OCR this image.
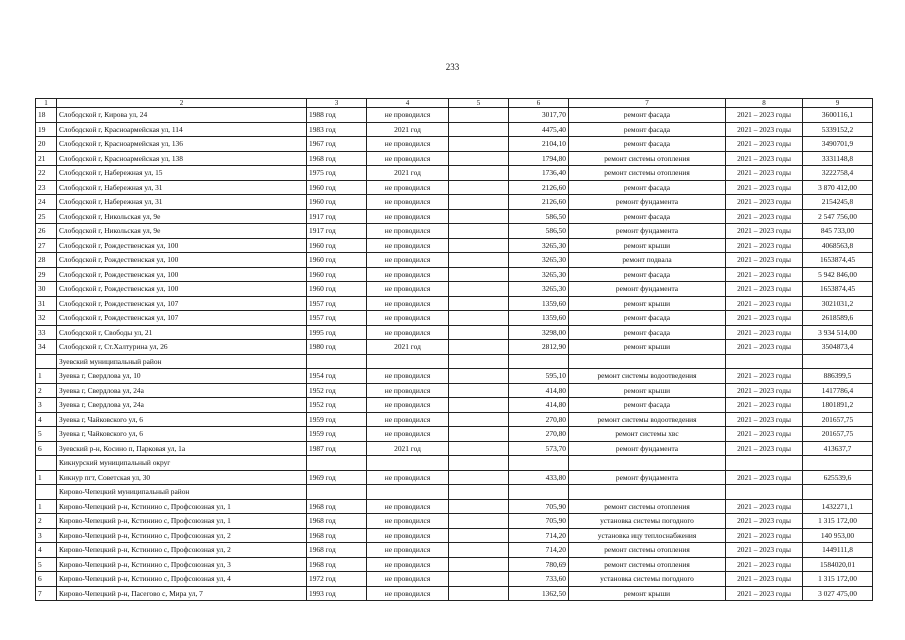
233
1	2	3	4	5	6	7	8	9
18	Слободской г, Кирова ул, 24	1988 год	не проводился		3017,70	ремонт фасада	2021 – 2023 годы	3600116,1
19	Слободской г, Красноармейская ул, 114	1983 год	2021 год		4475,40	ремонт фасада	2021 – 2023 годы	5339152,2
20	Слободской г, Красноармейская ул, 136	1967 год	не проводился		2104,10	ремонт фасада	2021 – 2023 годы	3490701,9
21	Слободской г, Красноармейская ул, 138	1968 год	не проводился		1794,80	ремонт системы отопления	2021 – 2023 годы	3331148,8
22	Слободской г, Набережная ул, 15	1975 год	2021 год		1736,40	ремонт системы отопления	2021 – 2023 годы	3222758,4
23	Слободской г, Набережная ул, 31	1960 год	не проводился		2126,60	ремонт фасада	2021 – 2023 годы	3 870 412,00
24	Слободской г, Набережная ул, 31	1960 год	не проводился		2126,60	ремонт фундамента	2021 – 2023 годы	2154245,8
25	Слободской г, Никольская ул, 9е	1917 год	не проводился		586,50	ремонт фасада	2021 – 2023 годы	2 547 756,00
26	Слободской г, Никольская ул, 9е	1917 год	не проводился		586,50	ремонт фундамента	2021 – 2023 годы	845 733,00
27	Слободской г, Рождественская ул, 100	1960 год	не проводился		3265,30	ремонт крыши	2021 – 2023 годы	4068563,8
28	Слободской г, Рождественская ул, 100	1960 год	не проводился		3265,30	ремонт подвала	2021 – 2023 годы	1653874,45
29	Слободской г, Рождественская ул, 100	1960 год	не проводился		3265,30	ремонт фасада	2021 – 2023 годы	5 942 846,00
30	Слободской г, Рождественская ул, 100	1960 год	не проводился		3265,30	ремонт фундамента	2021 – 2023 годы	1653874,45
31	Слободской г, Рождественская ул, 107	1957 год	не проводился		1359,60	ремонт крыши	2021 – 2023 годы	3021031,2
32	Слободской г, Рождественская ул, 107	1957 год	не проводился		1359,60	ремонт фасада	2021 – 2023 годы	2618589,6
33	Слободской г, Свободы ул, 21	1995 год	не проводился		3298,00	ремонт фасада	2021 – 2023 годы	3 934 514,00
34	Слободской г, Ст.Халтурина ул, 26	1980 год	2021 год		2812,90	ремонт крыши	2021 – 2023 годы	3504873,4
	Зуевский муниципальный район							
1	Зуевка г, Свердлова ул, 10	1954 год	не проводился		595,10	ремонт системы водоотведения	2021 – 2023 годы	886399,5
2	Зуевка г, Свердлова ул, 24а	1952 год	не проводился		414,80	ремонт крыши	2021 – 2023 годы	1417786,4
3	Зуевка г, Свердлова ул, 24а	1952 год	не проводился		414,80	ремонт фасада	2021 – 2023 годы	1801891,2
4	Зуевка г, Чайковского ул, 6	1959 год	не проводился		270,80	ремонт системы водоотведения	2021 – 2023 годы	201657,75
5	Зуевка г, Чайковского ул, 6	1959 год	не проводился		270,80	ремонт системы хвс	2021 – 2023 годы	201657,75
6	Зуевский р-н, Косино п, Парковая ул, 1а	1987 год	2021 год		573,70	ремонт фундамента	2021 – 2023 годы	413637,7
	Кикнурский муниципальный округ							
1	Кикнур пгт, Советская ул, 30	1969 год	не проводился		433,80	ремонт фундамента	2021 – 2023 годы	625539,6
	Кирово-Чепецкий муниципальный район							
1	Кирово-Чепецкий р-н, Кстинино с, Профсоюзная ул, 1	1968 год	не проводился		705,90	ремонт системы отопления	2021 – 2023 годы	1432271,1
2	Кирово-Чепецкий р-н, Кстинино с, Профсоюзная ул, 1	1968 год	не проводился		705,90	установка системы погодного	2021 – 2023 годы	1 315 172,00
3	Кирово-Чепецкий р-н, Кстинино с, Профсоюзная ул, 2	1968 год	не проводился		714,20	установка ицу теплоснабжения	2021 – 2023 годы	140 953,00
4	Кирово-Чепецкий р-н, Кстинино с, Профсоюзная ул, 2	1968 год	не проводился		714,20	ремонт системы отопления	2021 – 2023 годы	1449111,8
5	Кирово-Чепецкий р-н, Кстинино с, Профсоюзная ул, 3	1968 год	не проводился		780,69	ремонт системы отопления	2021 – 2023 годы	1584020,01
6	Кирово-Чепецкий р-н, Кстинино с, Профсоюзная ул, 4	1972 год	не проводился		733,60	установка системы погодного	2021 – 2023 годы	1 315 172,00
7	Кирово-Чепецкий р-н, Пасегово с, Мира ул, 7	1993 год	не проводился		1362,50	ремонт крыши	2021 – 2023 годы	3 027 475,00
